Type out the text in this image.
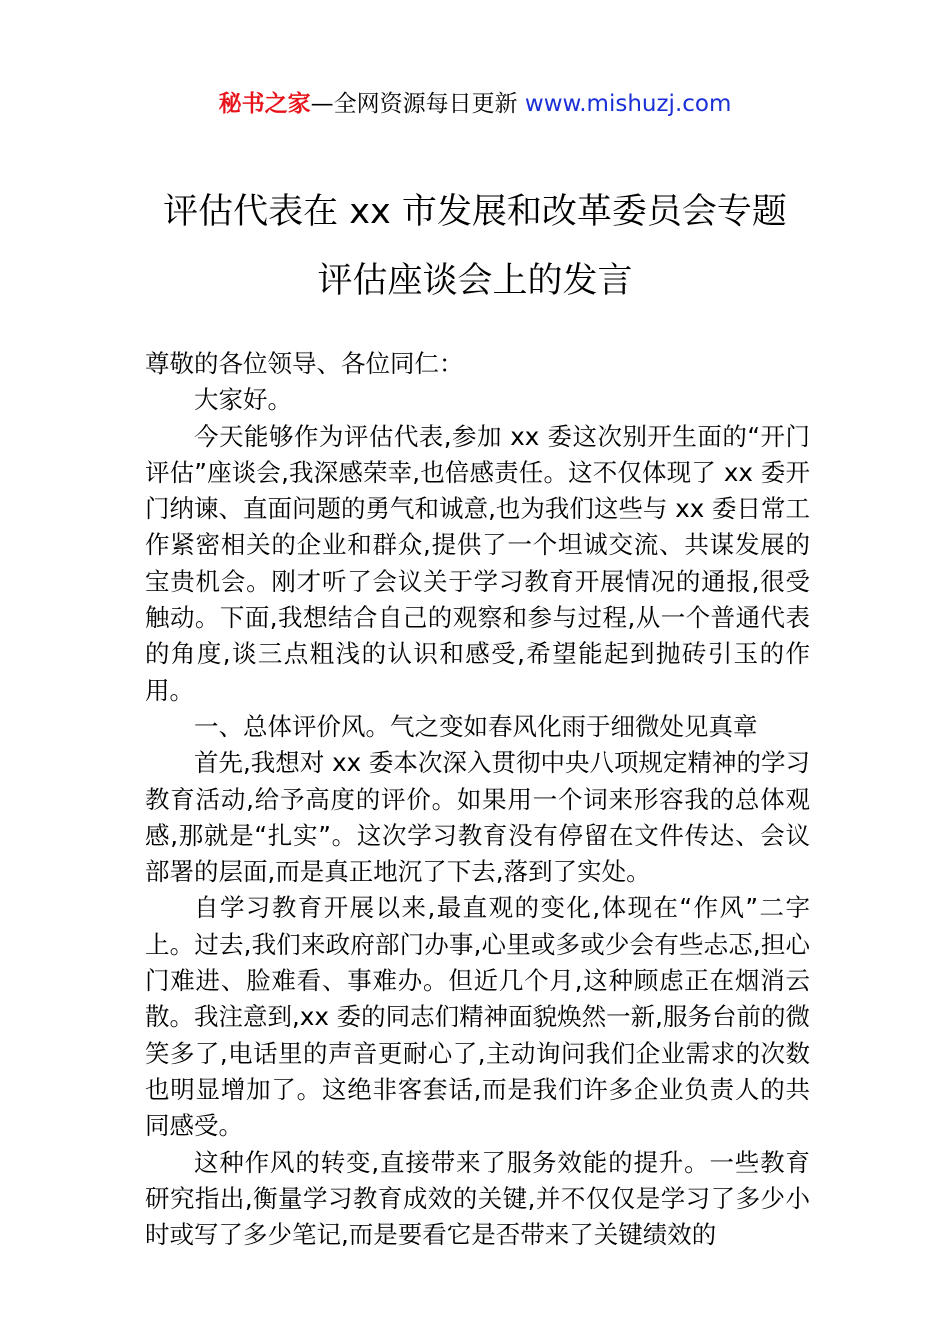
秘书之家—全网资源每日更新 www.mishuzj.com
评估代表在 xx 市发展和改革委员会专题
评估座谈会上的发言

尊敬的各位领导、各位同仁：

大家好。

今天能够作为评估代表,参加 xx 委这次别开生面的“开门评估”座谈会,我深感荣幸,也倍感责任。这不仅体现了 xx 委开门纳谏、直面问题的勇气和诚意,也为我们这些与 xx 委日常工作紧密相关的企业和群众,提供了一个坦诚交流、共谋发展的宝贵机会。刚才听了会议关于学习教育开展情况的通报,很受触动。下面,我想结合自己的观察和参与过程,从一个普通代表的角度,谈三点粗浅的认识和感受,希望能起到抛砖引玉的作用。

一、总体评价风。气之变如春风化雨于细微处见真章

首先,我想对 xx 委本次深入贯彻中央八项规定精神的学习教育活动,给予高度的评价。如果用一个词来形容我的总体观感,那就是“扎实”。这次学习教育没有停留在文件传达、会议部署的层面,而是真正地沉了下去,落到了实处。

自学习教育开展以来,最直观的变化,体现在“作风”二字上。过去,我们来政府部门办事,心里或多或少会有些忐忑,担心门难进、脸难看、事难办。但近几个月,这种顾虑正在烟消云散。我注意到,xx 委的同志们精神面貌焕然一新,服务台前的微笑多了,电话里的声音更耐心了,主动询问我们企业需求的次数也明显增加了。这绝非客套话,而是我们许多企业负责人的共同感受。

这种作风的转变,直接带来了服务效能的提升。一些教育研究指出,衡量学习教育成效的关键,并不仅仅是学习了多少小时或写了多少笔记,而是要看它是否带来了关键绩效的
